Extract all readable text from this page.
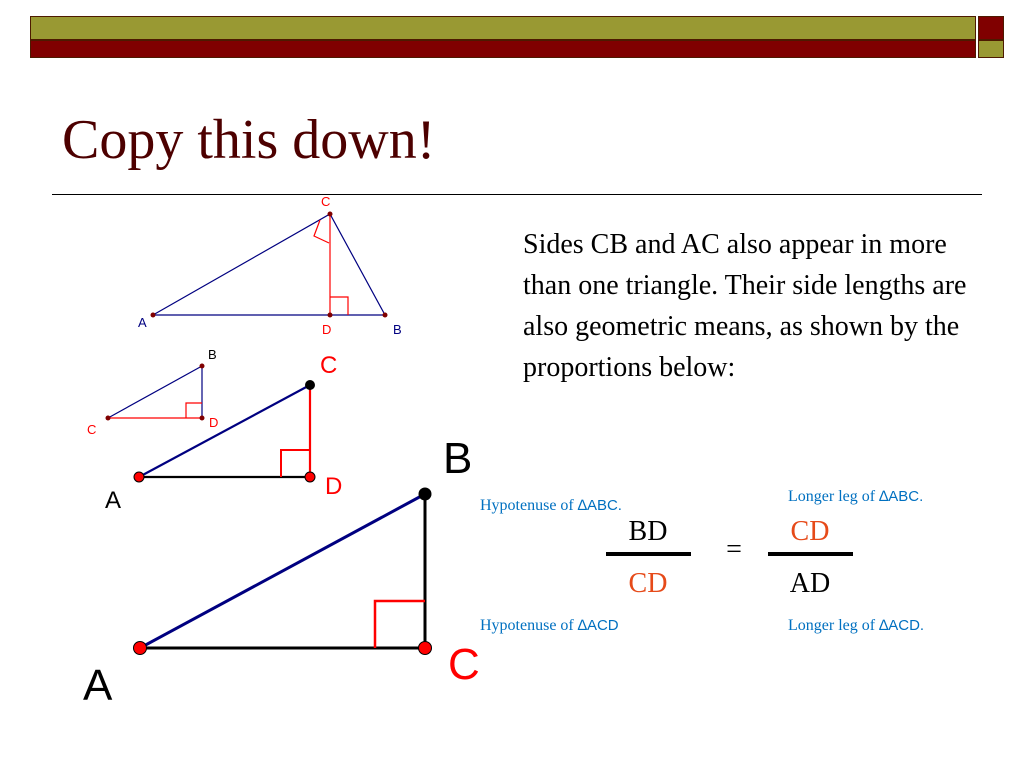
Copy this down!

Sides CB and AC also appear in more than one triangle. Their side lengths are also geometric means, as shown by the proportions below:

A
C
B
D
B
C	D
C
A
D
B
C
A
Hypotenuse of ∆ABC.
Longer leg of ∆ABC.
Hypotenuse of ∆ACD	Longer leg of ∆ACD.
BD
CD
=
CD
AD
